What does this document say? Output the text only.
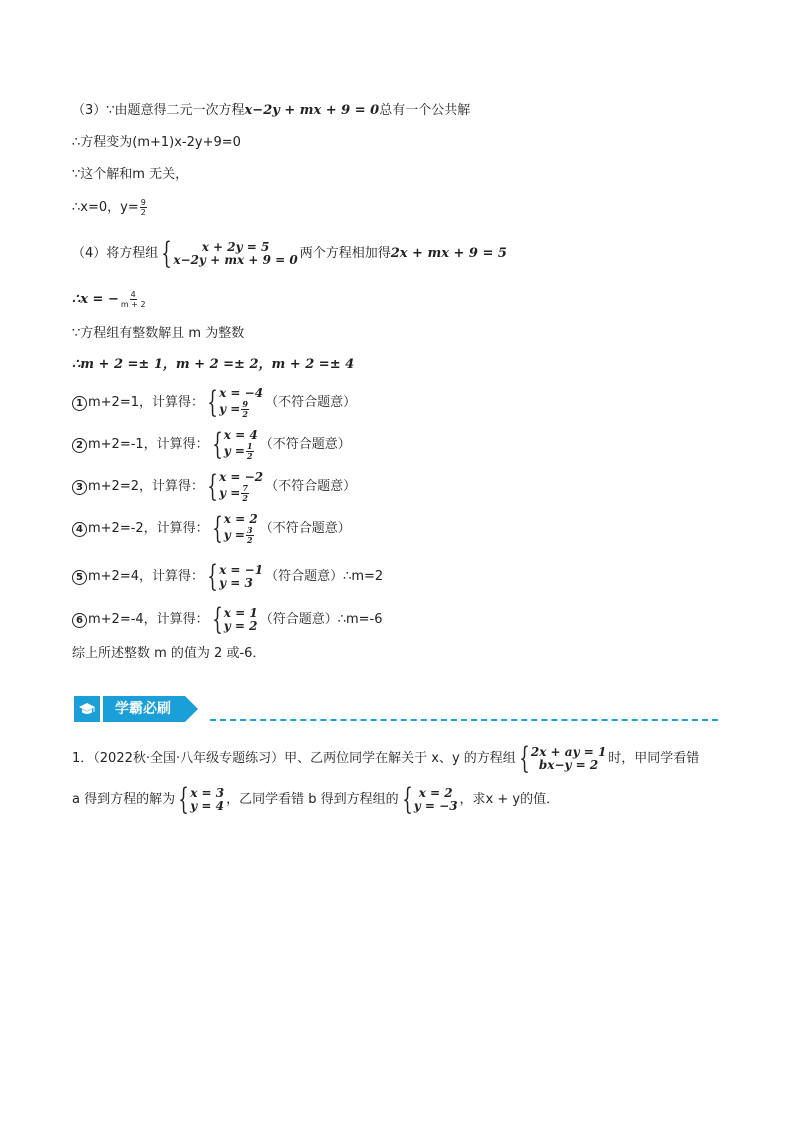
（3）∵由题意得二元一次方程 x−2y + mx + 9 = 0 总有一个公共解
∴方程变为(m+1)x-2y+9=0
∵这个解和m 无关，
∴x=0，$y= \frac{9}{2}$
（4）将方程组 {	x + 2y = 5
x−2y + mx + 9 = 0 两个方程相加得 2x + mx + 9 = 5
∴x = − $\frac{4}{m + 2}$
∵方程组有整数解且 m 为整数
∴m + 2 =± 1，m + 2 =± 2，m + 2 =± 4
1 m+2=1，计算得： { x = −4
$y = \frac{9}{2}$ （不符合题意）
2 m+2=-1，计算得： { x = 4
$y = \frac{1}{2}$ （不符合题意）
3 m+2=2，计算得： { x = −2
$y = \frac{7}{2}$ （不符合题意）
4 m+2=-2，计算得： { x = 2
$y = \frac{3}{2}$ （不符合题意）
5 m+2=4，计算得： { x = −1
y = 3 （符合题意） ∴m=2
6 m+2=-4，计算得： { x = 1
y = 2 （符合题意） ∴m=-6
综上所述整数 m 的值为 2 或-6．
学霸必刷
1．（2022秋·全国·八年级专题练习）甲、乙两位同学在解关于 x、y 的方程组 { 2x + ay = 1
bx−y = 2 时，甲同学看错
a 得到方程的解为 { x = 3
y = 4 ，乙同学看错 b 得到方程组的 { x = 2
y = −3 ，求x + y的值．
